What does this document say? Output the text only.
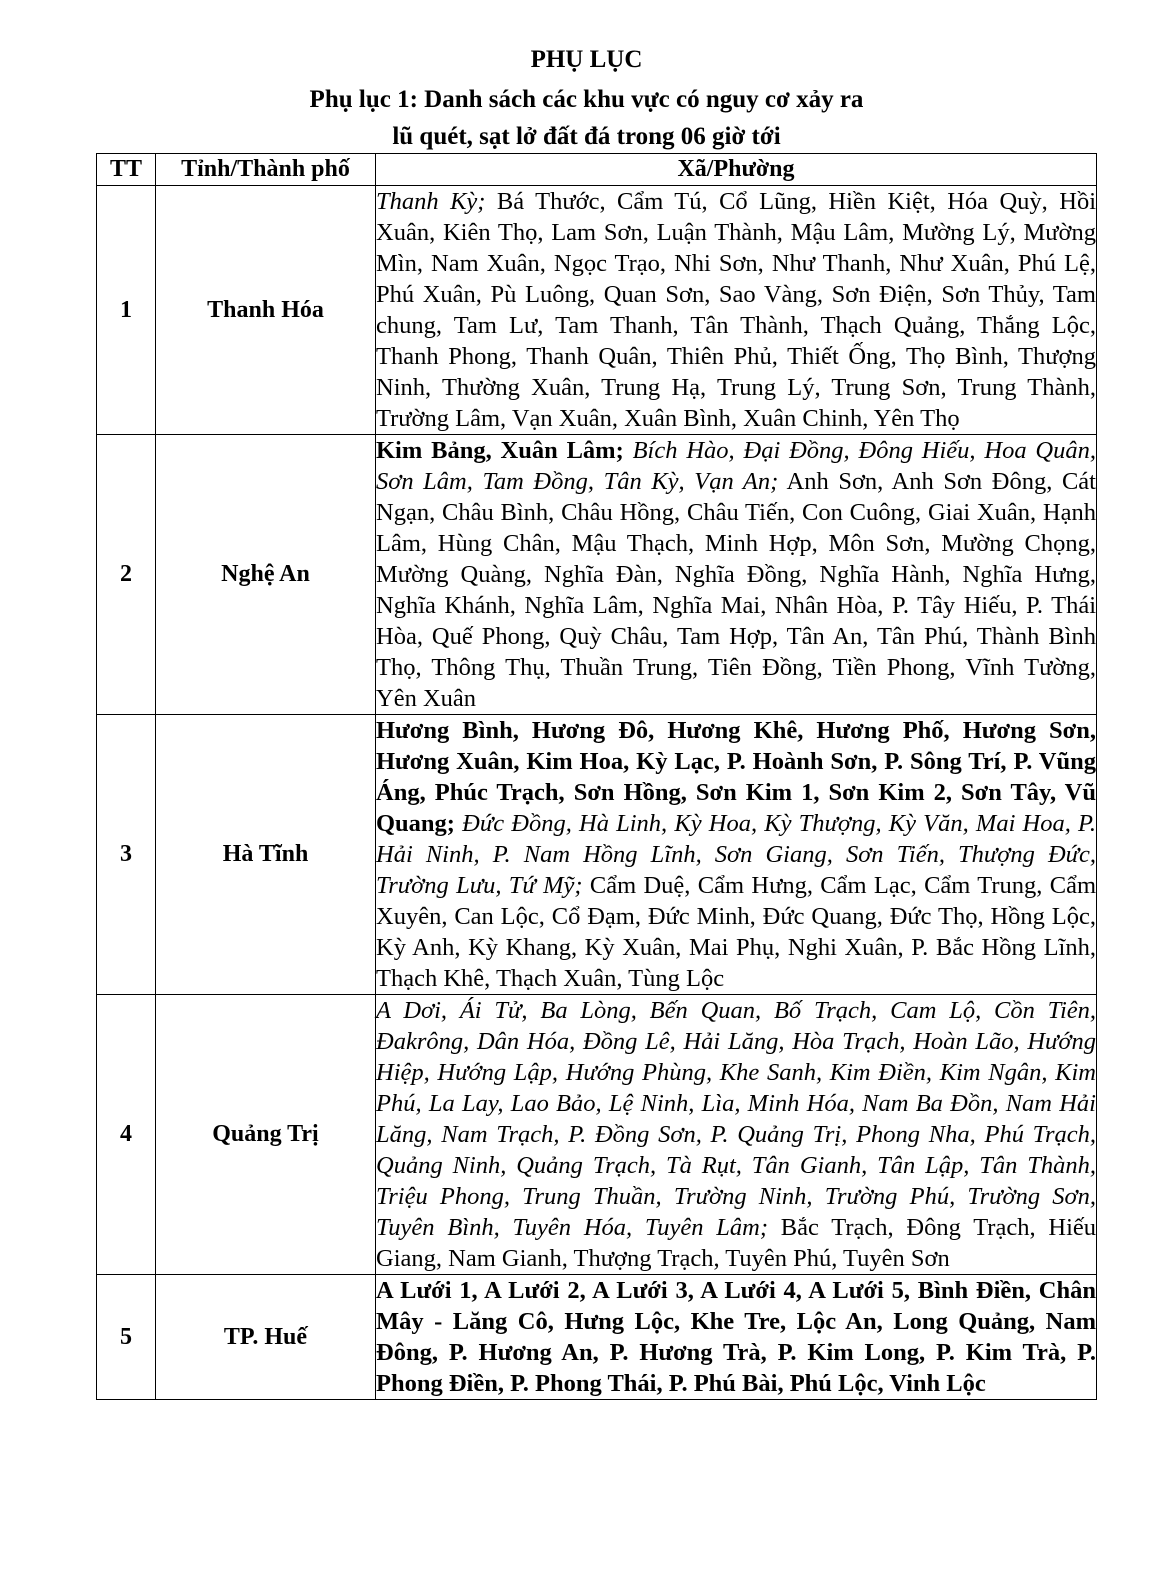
PHỤ LỤC
Phụ lục 1: Danh sách các khu vực có nguy cơ xảy ra
lũ quét, sạt lở đất đá trong 06 giờ tới
TT	Tỉnh/Thành phố	Xã/Phường
1	Thanh Hóa	Thanh Kỳ; Bá Thước, Cẩm Tú, Cổ Lũng, Hiền Kiệt, Hóa Quỳ, Hồi Xuân, Kiên Thọ, Lam Sơn, Luận Thành, Mậu Lâm, Mường Lý, Mường Mìn, Nam Xuân, Ngọc Trạo, Nhi Sơn, Như Thanh, Như Xuân, Phú Lệ, Phú Xuân, Pù Luông, Quan Sơn, Sao Vàng, Sơn Điện, Sơn Thủy, Tam chung, Tam Lư, Tam Thanh, Tân Thành, Thạch Quảng, Thắng Lộc, Thanh Phong, Thanh Quân, Thiên Phủ, Thiết Ống, Thọ Bình, Thượng Ninh, Thường Xuân, Trung Hạ, Trung Lý, Trung Sơn, Trung Thành, Trường Lâm, Vạn Xuân, Xuân Bình, Xuân Chinh, Yên Thọ
2	Nghệ An	Kim Bảng, Xuân Lâm; Bích Hào, Đại Đồng, Đông Hiếu, Hoa Quân, Sơn Lâm, Tam Đồng, Tân Kỳ, Vạn An; Anh Sơn, Anh Sơn Đông, Cát Ngạn, Châu Bình, Châu Hồng, Châu Tiến, Con Cuông, Giai Xuân, Hạnh Lâm, Hùng Chân, Mậu Thạch, Minh Hợp, Môn Sơn, Mường Chọng, Mường Quàng, Nghĩa Đàn, Nghĩa Đồng, Nghĩa Hành, Nghĩa Hưng, Nghĩa Khánh, Nghĩa Lâm, Nghĩa Mai, Nhân Hòa, P. Tây Hiếu, P. Thái Hòa, Quế Phong, Quỳ Châu, Tam Hợp, Tân An, Tân Phú, Thành Bình Thọ, Thông Thụ, Thuần Trung, Tiên Đồng, Tiền Phong, Vĩnh Tường, Yên Xuân
3	Hà Tĩnh	Hương Bình, Hương Đô, Hương Khê, Hương Phố, Hương Sơn, Hương Xuân, Kim Hoa, Kỳ Lạc, P. Hoành Sơn, P. Sông Trí, P. Vũng Áng, Phúc Trạch, Sơn Hồng, Sơn Kim 1, Sơn Kim 2, Sơn Tây, Vũ Quang; Đức Đồng, Hà Linh, Kỳ Hoa, Kỳ Thượng, Kỳ Văn, Mai Hoa, P. Hải Ninh, P. Nam Hồng Lĩnh, Sơn Giang, Sơn Tiến, Thượng Đức, Trường Lưu, Tứ Mỹ; Cẩm Duệ, Cẩm Hưng, Cẩm Lạc, Cẩm Trung, Cẩm Xuyên, Can Lộc, Cổ Đạm, Đức Minh, Đức Quang, Đức Thọ, Hồng Lộc, Kỳ Anh, Kỳ Khang, Kỳ Xuân, Mai Phụ, Nghi Xuân, P. Bắc Hồng Lĩnh, Thạch Khê, Thạch Xuân, Tùng Lộc
4	Quảng Trị	A Dơi, Ái Tử, Ba Lòng, Bến Quan, Bố Trạch, Cam Lộ, Cồn Tiên, Đakrông, Dân Hóa, Đồng Lê, Hải Lăng, Hòa Trạch, Hoàn Lão, Hướng Hiệp, Hướng Lập, Hướng Phùng, Khe Sanh, Kim Điền, Kim Ngân, Kim Phú, La Lay, Lao Bảo, Lệ Ninh, Lìa, Minh Hóa, Nam Ba Đồn, Nam Hải Lăng, Nam Trạch, P. Đồng Sơn, P. Quảng Trị, Phong Nha, Phú Trạch, Quảng Ninh, Quảng Trạch, Tà Rụt, Tân Gianh, Tân Lập, Tân Thành, Triệu Phong, Trung Thuần, Trường Ninh, Trường Phú, Trường Sơn, Tuyên Bình, Tuyên Hóa, Tuyên Lâm; Bắc Trạch, Đông Trạch, Hiếu Giang, Nam Gianh, Thượng Trạch, Tuyên Phú, Tuyên Sơn
5	TP. Huế	A Lưới 1, A Lưới 2, A Lưới 3, A Lưới 4, A Lưới 5, Bình Điền, Chân Mây - Lăng Cô, Hưng Lộc, Khe Tre, Lộc An, Long Quảng, Nam Đông, P. Hương An, P. Hương Trà, P. Kim Long, P. Kim Trà, P. Phong Điền, P. Phong Thái, P. Phú Bài, Phú Lộc, Vinh Lộc
